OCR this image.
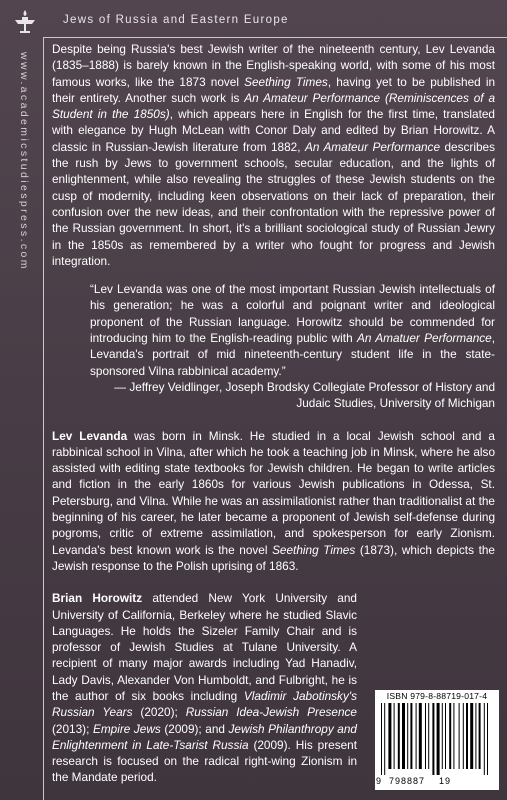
Jews of Russia and Eastern Europe
www.academicstudiespress.com

Despite being Russia's best Jewish writer of the nineteenth century, Lev Levanda (1835–1888) is barely known in the English-speaking world, with some of his most famous works, like the 1873 novel Seething Times, having yet to be published in their entirety. Another such work is An Amateur Performance (Reminiscences of a Student in the 1850s), which appears here in English for the first time, translated with elegance by Hugh McLean with Conor Daly and edited by Brian Horowitz. A classic in Russian-Jewish literature from 1882, An Amateur Performance describes the rush by Jews to government schools, secular education, and the lights of enlightenment, while also revealing the struggles of these Jewish students on the cusp of modernity, including keen observations on their lack of preparation, their confusion over the new ideas, and their confrontation with the repressive power of the Russian government. In short, it's a brilliant sociological study of Russian Jewry in the 1850s as remembered by a writer who fought for progress and Jewish integration.

“Lev Levanda was one of the most important Russian Jewish intellectuals of his generation; he was a colorful and poignant writer and ideological proponent of the Russian language. Horowitz should be commended for introducing him to the English-reading public with An Amatuer Performance, Levanda's portrait of mid nineteenth-century student life in the state-sponsored Vilna rabbinical academy.”

— Jeffrey Veidlinger, Joseph Brodsky Collegiate Professor of History and Judaic Studies, University of Michigan

Lev Levanda was born in Minsk. He studied in a local Jewish school and a rabbinical school in Vilna, after which he took a teaching job in Minsk, where he also assisted with editing state textbooks for Jewish children. He began to write articles and fiction in the early 1860s for various Jewish publications in Odessa, St. Petersburg, and Vilna. While he was an assimilationist rather than traditionalist at the beginning of his career, he later became a proponent of Jewish self-defense during pogroms, critic of extreme assimilation, and spokesperson for early Zionism. Levanda's best known work is the novel Seething Times (1873), which depicts the Jewish response to the Polish uprising of 1863.

Brian Horowitz attended New York University and University of California, Berkeley where he studied Slavic Languages. He holds the Sizeler Family Chair and is professor of Jewish Studies at Tulane University. A recipient of many major awards including Yad Hanadiv, Lady Davis, Alexander Von Humboldt, and Fulbright, he is the author of six books including Vladimir Jabotinsky's Russian Years (2020); Russian Idea-Jewish Presence (2013); Empire Jews (2009); and Jewish Philanthropy and Enlightenment in Late-Tsarist Russia (2009). His present research is focused on the radical right-wing Zionism in the Mandate period.

ISBN 979-8-88719-017-4
9 798887 19
